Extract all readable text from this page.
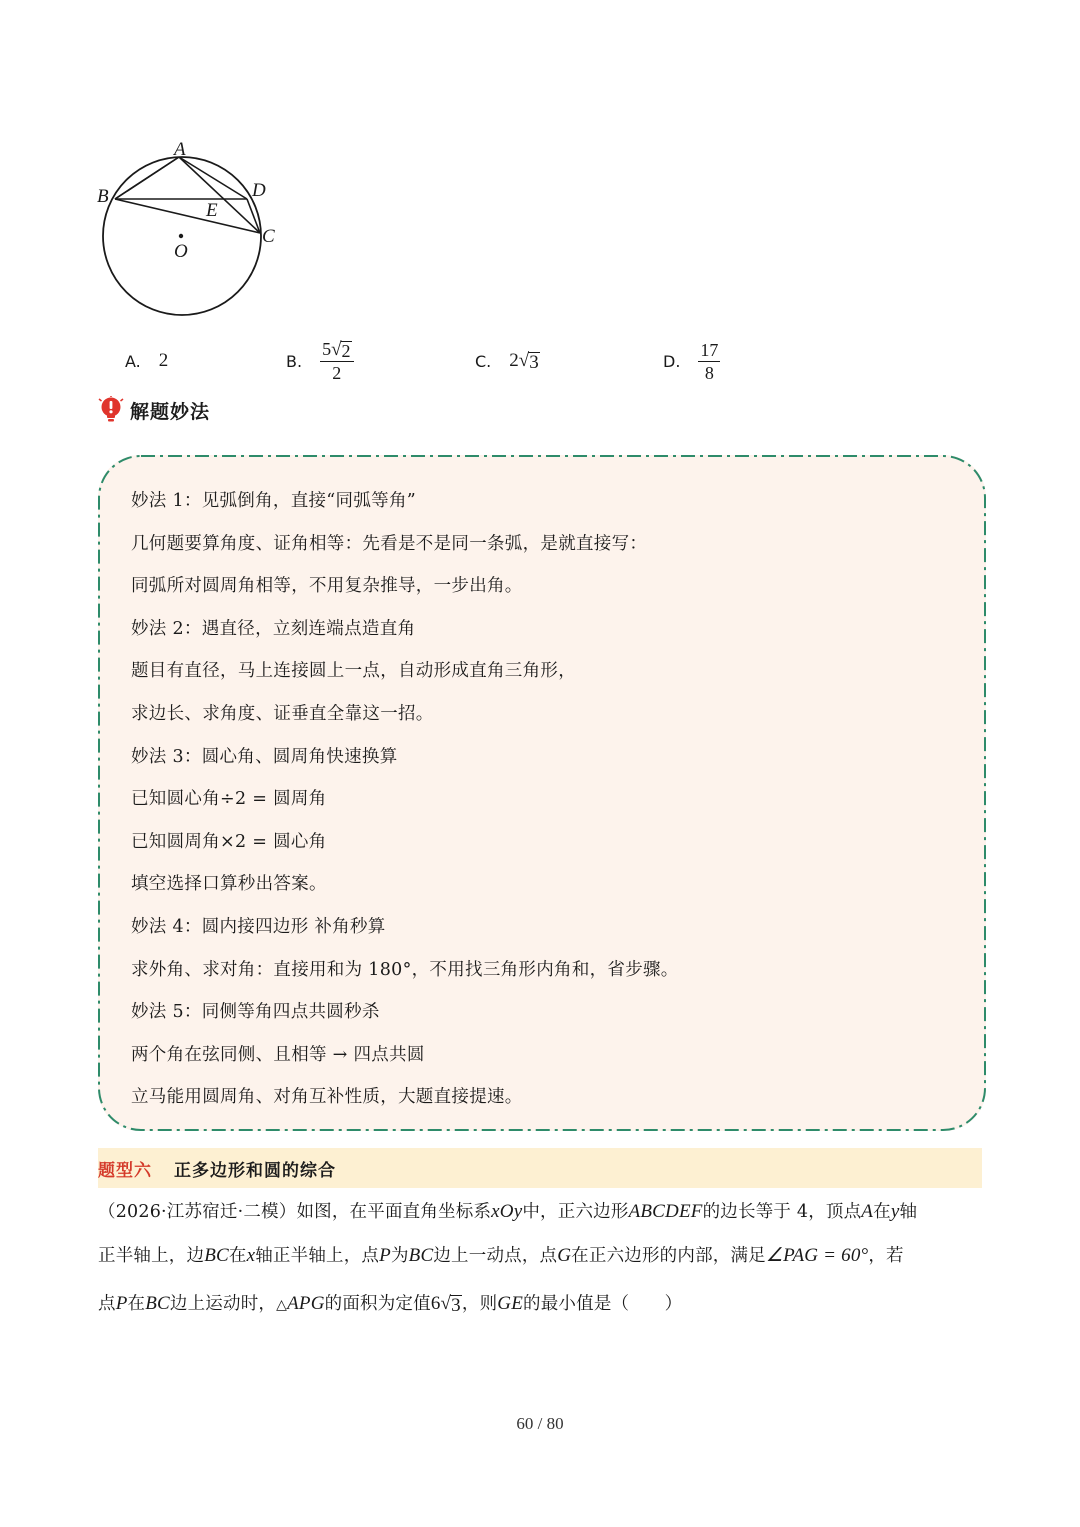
A
B	D
E
C
O
A. 2	B. $\frac{5 √ 2}{2}$	C. 2 √ 3	D. $\frac{17}{8}$
解题妙法
妙法 1：见弧倒角，直接“同弧等角”
几何题要算角度、证角相等：先看是不是同一条弧，是就直接写：
同弧所对圆周角相等，不用复杂推导，一步出角。
妙法 2：遇直径，立刻连端点造直角
题目有直径，马上连接圆上一点，自动形成直角三角形，
求边长、求角度、证垂直全靠这一招。
妙法 3：圆心角、圆周角快速换算
已知圆心角÷2 = 圆周角
已知圆周角×2 = 圆心角
填空选择口算秒出答案。
妙法 4：圆内接四边形 补角秒算
求外角、求对角：直接用和为 180°，不用找三角形内角和，省步骤。
妙法 5：同侧等角四点共圆秒杀
两个角在弦同侧、且相等 → 四点共圆
立马能用圆周角、对角互补性质，大题直接提速。
题型六 正多边形和圆的综合
（2026·江苏宿迁·二模）如图，在平面直角坐标系xOy中，正六边形ABCDEF的边长等于 4，顶点A在y轴
正半轴上，边BC在x轴正半轴上，点P为BC边上一动点，点G在正六边形的内部，满足∠PAG = 60°，若
点P在BC边上运动时，△APG的面积为定值6 √ 3 ，则GE的最小值是（　　）
60 / 80
